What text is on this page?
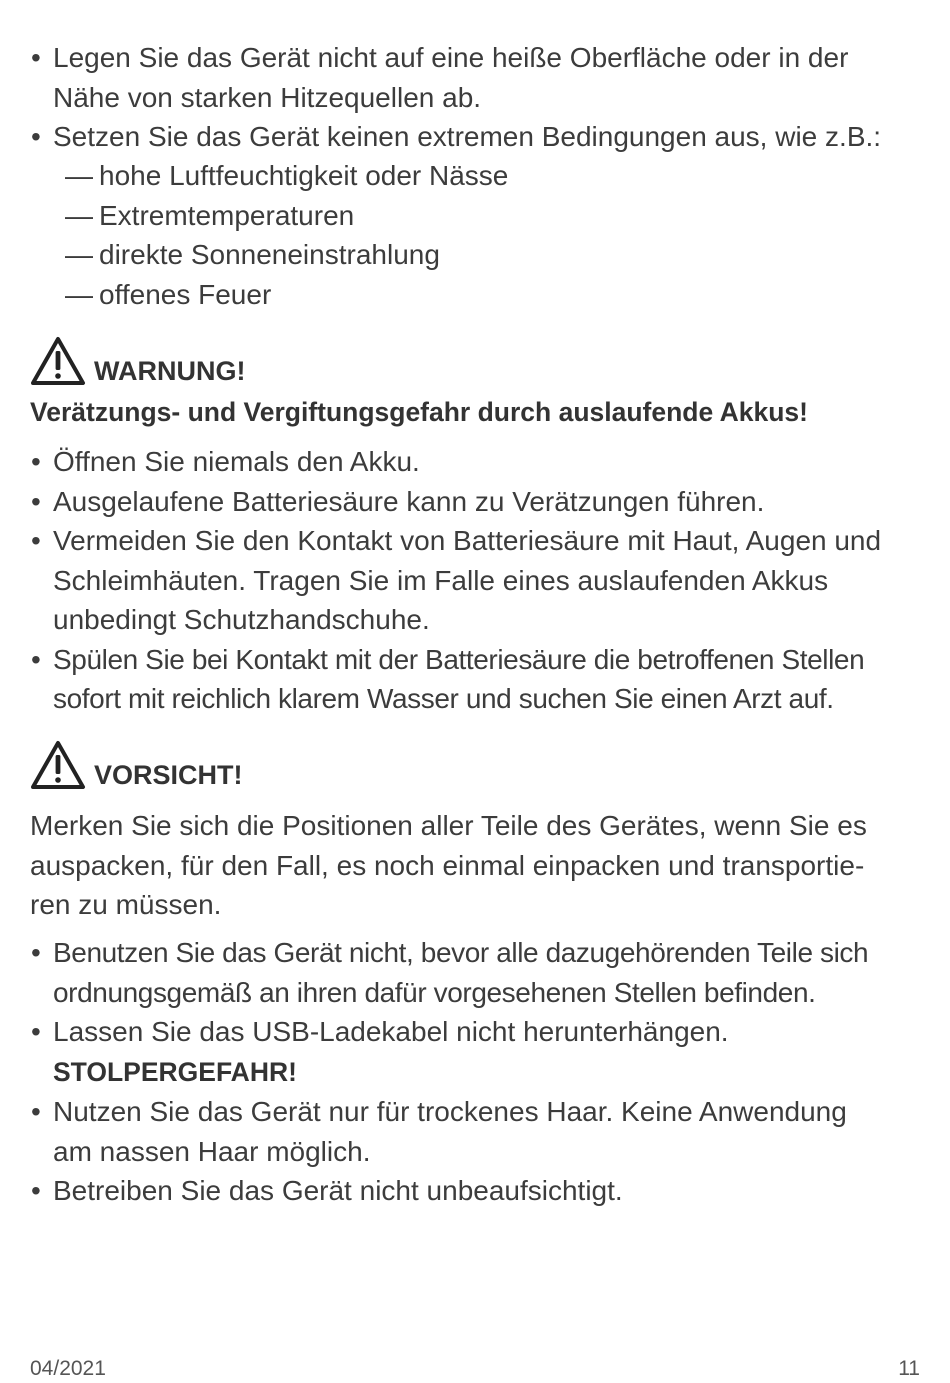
• Legen Sie das Gerät nicht auf eine heiße Oberfläche oder in der
Nähe von starken Hitzequellen ab.
• Setzen Sie das Gerät keinen extremen Bedingungen aus, wie z.B.:
— hohe Luftfeuchtigkeit oder Nässe
— Extremtemperaturen
— direkte Sonneneinstrahlung
— offenes Feuer
WARNUNG!
Verätzungs- und Vergiftungsgefahr durch auslaufende Akkus!
• Öffnen Sie niemals den Akku.
• Ausgelaufene Batteriesäure kann zu Verätzungen führen.
• Vermeiden Sie den Kontakt von Batteriesäure mit Haut, Augen und
Schleimhäuten. Tragen Sie im Falle eines auslaufenden Akkus
unbedingt Schutzhandschuhe.
• Spülen Sie bei Kontakt mit der Batteriesäure die betroffenen Stellen
sofort mit reichlich klarem Wasser und suchen Sie einen Arzt auf.
VORSICHT!
Merken Sie sich die Positionen aller Teile des Gerätes, wenn Sie es
auspacken, für den Fall, es noch einmal einpacken und transportie-
ren zu müssen.
• Benutzen Sie das Gerät nicht, bevor alle dazugehörenden Teile sich
ordnungsgemäß an ihren dafür vorgesehenen Stellen befinden.
• Lassen Sie das USB-Ladekabel nicht herunterhängen.
STOLPERGEFAHR!
• Nutzen Sie das Gerät nur für trockenes Haar. Keine Anwendung
am nassen Haar möglich.
• Betreiben Sie das Gerät nicht unbeaufsichtigt.
04/2021	11
